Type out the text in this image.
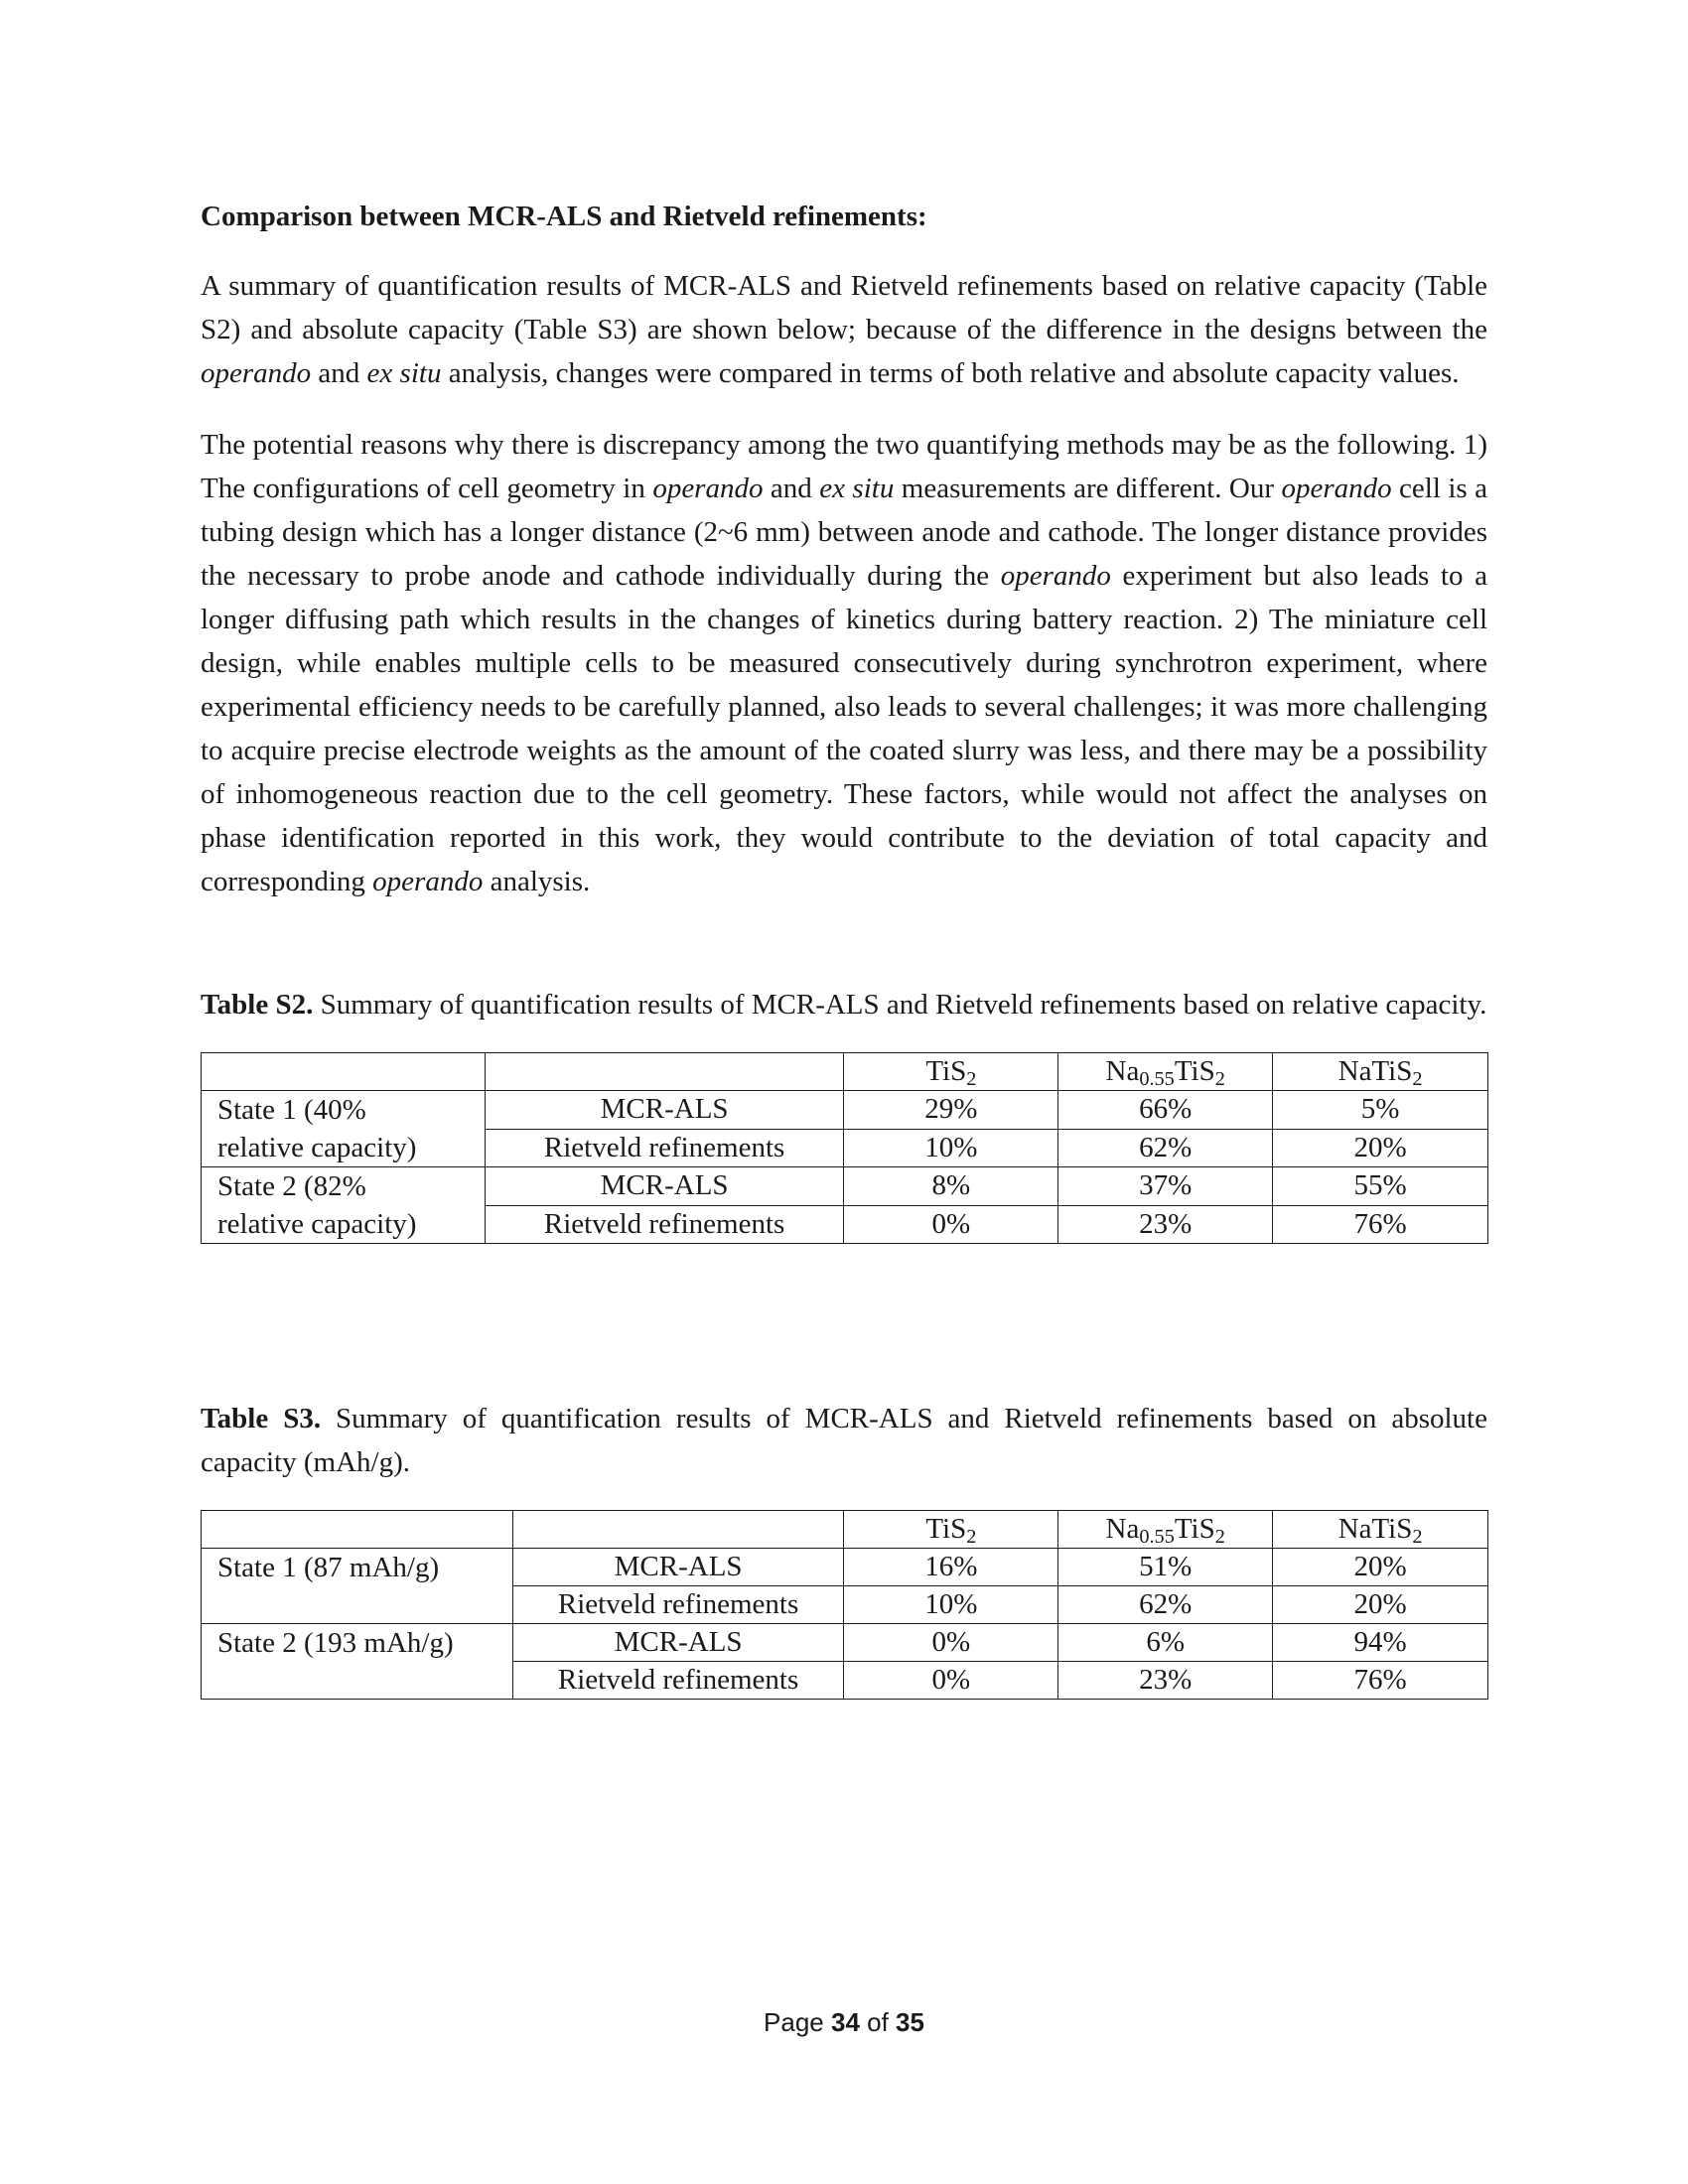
Comparison between MCR-ALS and Rietveld refinements:

A summary of quantification results of MCR-ALS and Rietveld refinements based on relative capacity (Table S2) and absolute capacity (Table S3) are shown below; because of the difference in the designs between the operando and ex situ analysis, changes were compared in terms of both relative and absolute capacity values.

The potential reasons why there is discrepancy among the two quantifying methods may be as the following. 1) The configurations of cell geometry in operando and ex situ measurements are different. Our operando cell is a tubing design which has a longer distance (2~6 mm) between anode and cathode. The longer distance provides the necessary to probe anode and cathode individually during the operando experiment but also leads to a longer diffusing path which results in the changes of kinetics during battery reaction. 2) The miniature cell design, while enables multiple cells to be measured consecutively during synchrotron experiment, where experimental efficiency needs to be carefully planned, also leads to several challenges; it was more challenging to acquire precise electrode weights as the amount of the coated slurry was less, and there may be a possibility of inhomogeneous reaction due to the cell geometry. These factors, while would not affect the analyses on phase identification reported in this work, they would contribute to the deviation of total capacity and corresponding operando analysis.

Table S2. Summary of quantification results of MCR-ALS and Rietveld refinements based on relative capacity.
		TiS$_2$	$Na_{0.55}TiS_2$	NaTiS$_2$

State 1 (40%
relative capacity)	MCR-ALS	29%	66%	5%
	Rietveld refinements	10%	62%	20%

State 2 (82%
relative capacity)	MCR-ALS	8%	37%	55%
	Rietveld refinements	0%	23%	76%
Table S3. Summary of quantification results of MCR-ALS and Rietveld refinements based on absolute capacity (mAh/g).
		TiS$_2$	$Na_{0.55}TiS_2$	NaTiS$_2$
State 1 (87 mAh/g)	MCR-ALS	16%	51%	20%
	Rietveld refinements	10%	62%	20%
State 2 (193 mAh/g)	MCR-ALS	0%	6%	94%
	Rietveld refinements	0%	23%	76%
Page 34 of 35
